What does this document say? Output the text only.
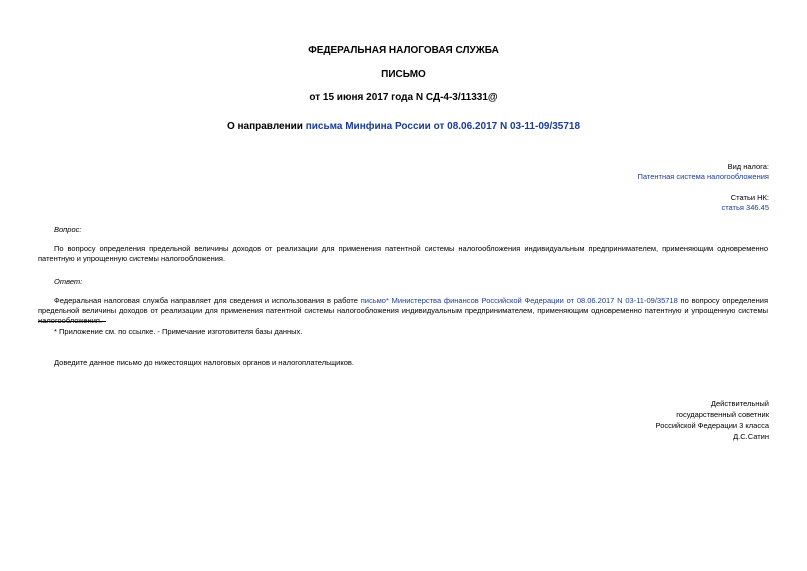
ФЕДЕРАЛЬНАЯ НАЛОГОВАЯ СЛУЖБА
ПИСЬМО
от 15 июня 2017 года N СД-4-3/11331@
О направлении письма Минфина России от 08.06.2017 N 03-11-09/35718
Вид налога:
Патентная система налогообложения
Статьи НК:
статья 346.45
Вопрос:
По вопросу определения предельной величины доходов от реализации для применения патентной системы налогообложения индивидуальным предпринимателем, применяющим одновременно патентную и упрощенную системы налогообложения.
Ответ:
Федеральная налоговая служба направляет для сведения и использования в работе письмо* Министерства финансов Российской Федерации от 08.06.2017 N 03-11-09/35718 по вопросу определения предельной величины доходов от реализации для применения патентной системы налогообложения индивидуальным предпринимателем, применяющим одновременно патентную и упрощенную системы налогообложения.
* Приложение см. по ссылке. - Примечание изготовителя базы данных.
Доведите данное письмо до нижестоящих налоговых органов и налогоплательщиков.
Действительный
государственный советник
Российской Федерации 3 класса
Д.С.Сатин
